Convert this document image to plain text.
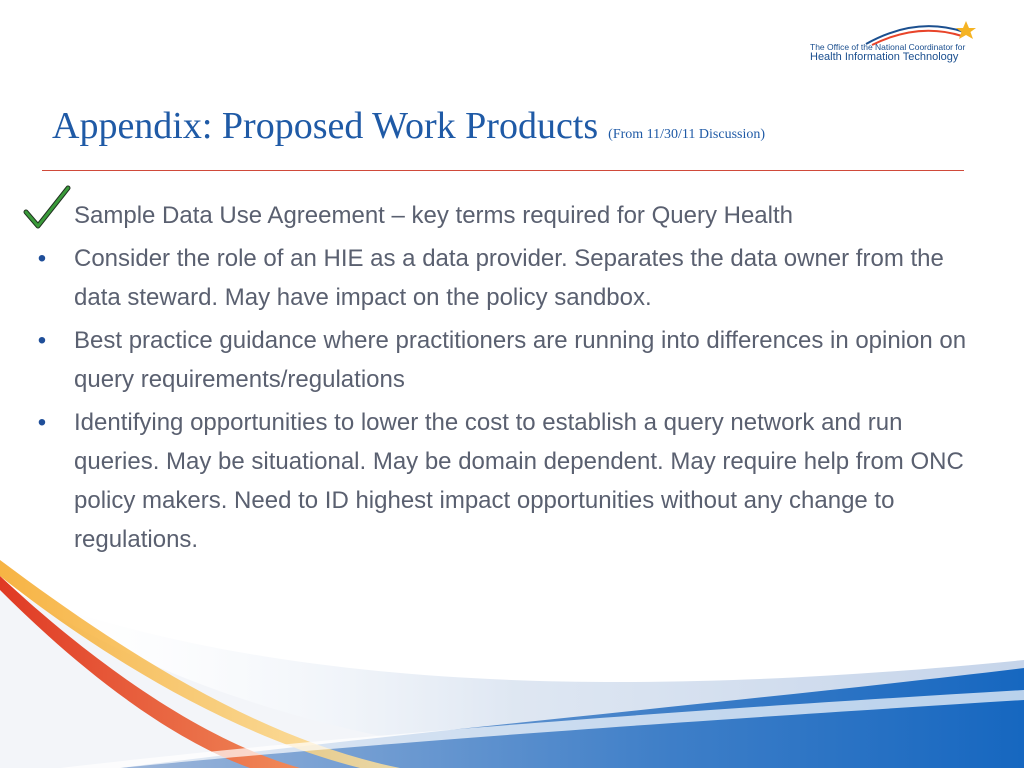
The Office of the National Coordinator for
Health Information Technology
Appendix: Proposed Work Products (From 11/30/11 Discussion)
Sample Data Use Agreement – key terms required for Query Health
•	Consider the role of an HIE as a data provider. Separates the data owner from the data steward. May have impact on the policy sandbox.
•	Best practice guidance where practitioners are running into differences in opinion on query requirements/regulations
•	Identifying opportunities to lower the cost to establish a query network and run queries. May be situational. May be domain dependent. May require help from ONC policy makers. Need to ID highest impact opportunities without any change to regulations.
